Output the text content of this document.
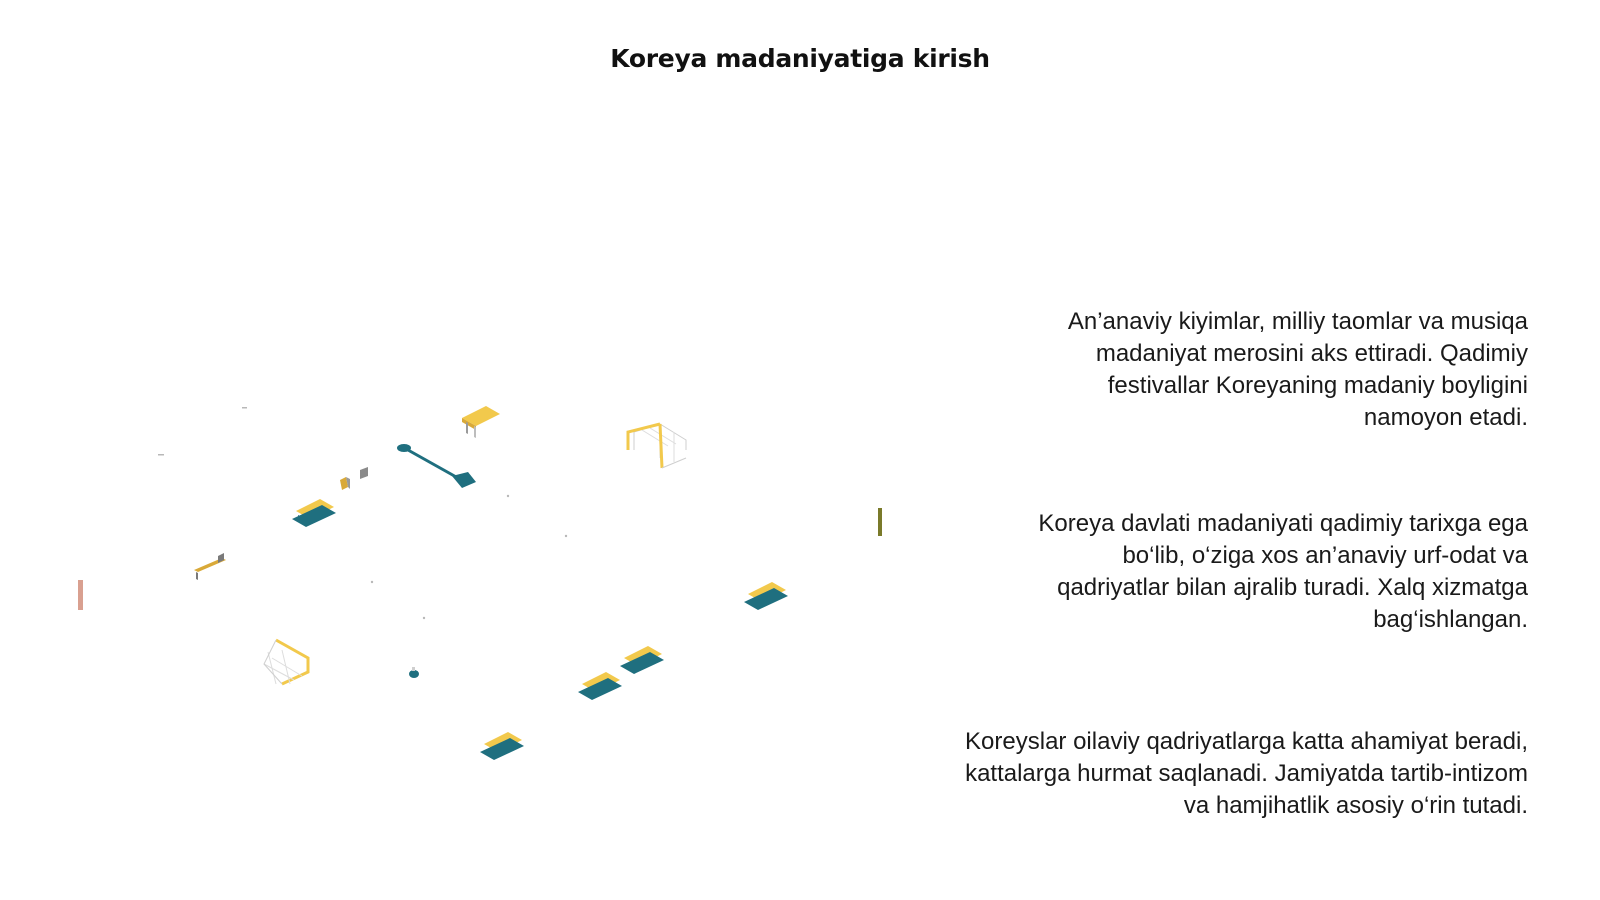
Koreya madaniyatiga kirish
An’anaviy kiyimlar, milliy taomlar va musiqa madaniyat merosini aks ettiradi. Qadimiy festivallar Koreyaning madaniy boyligini namoyon etadi.
Koreya davlati madaniyati qadimiy tarixga ega bo‘lib, o‘ziga xos an’anaviy urf-odat va qadriyatlar bilan ajralib turadi. Xalq xizmatga bag‘ishlangan.
Koreyslar oilaviy qadriyatlarga katta ahamiyat beradi, kattalarga hurmat saqlanadi. Jamiyatda tartib-intizom va hamjihatlik asosiy o‘rin tutadi.
